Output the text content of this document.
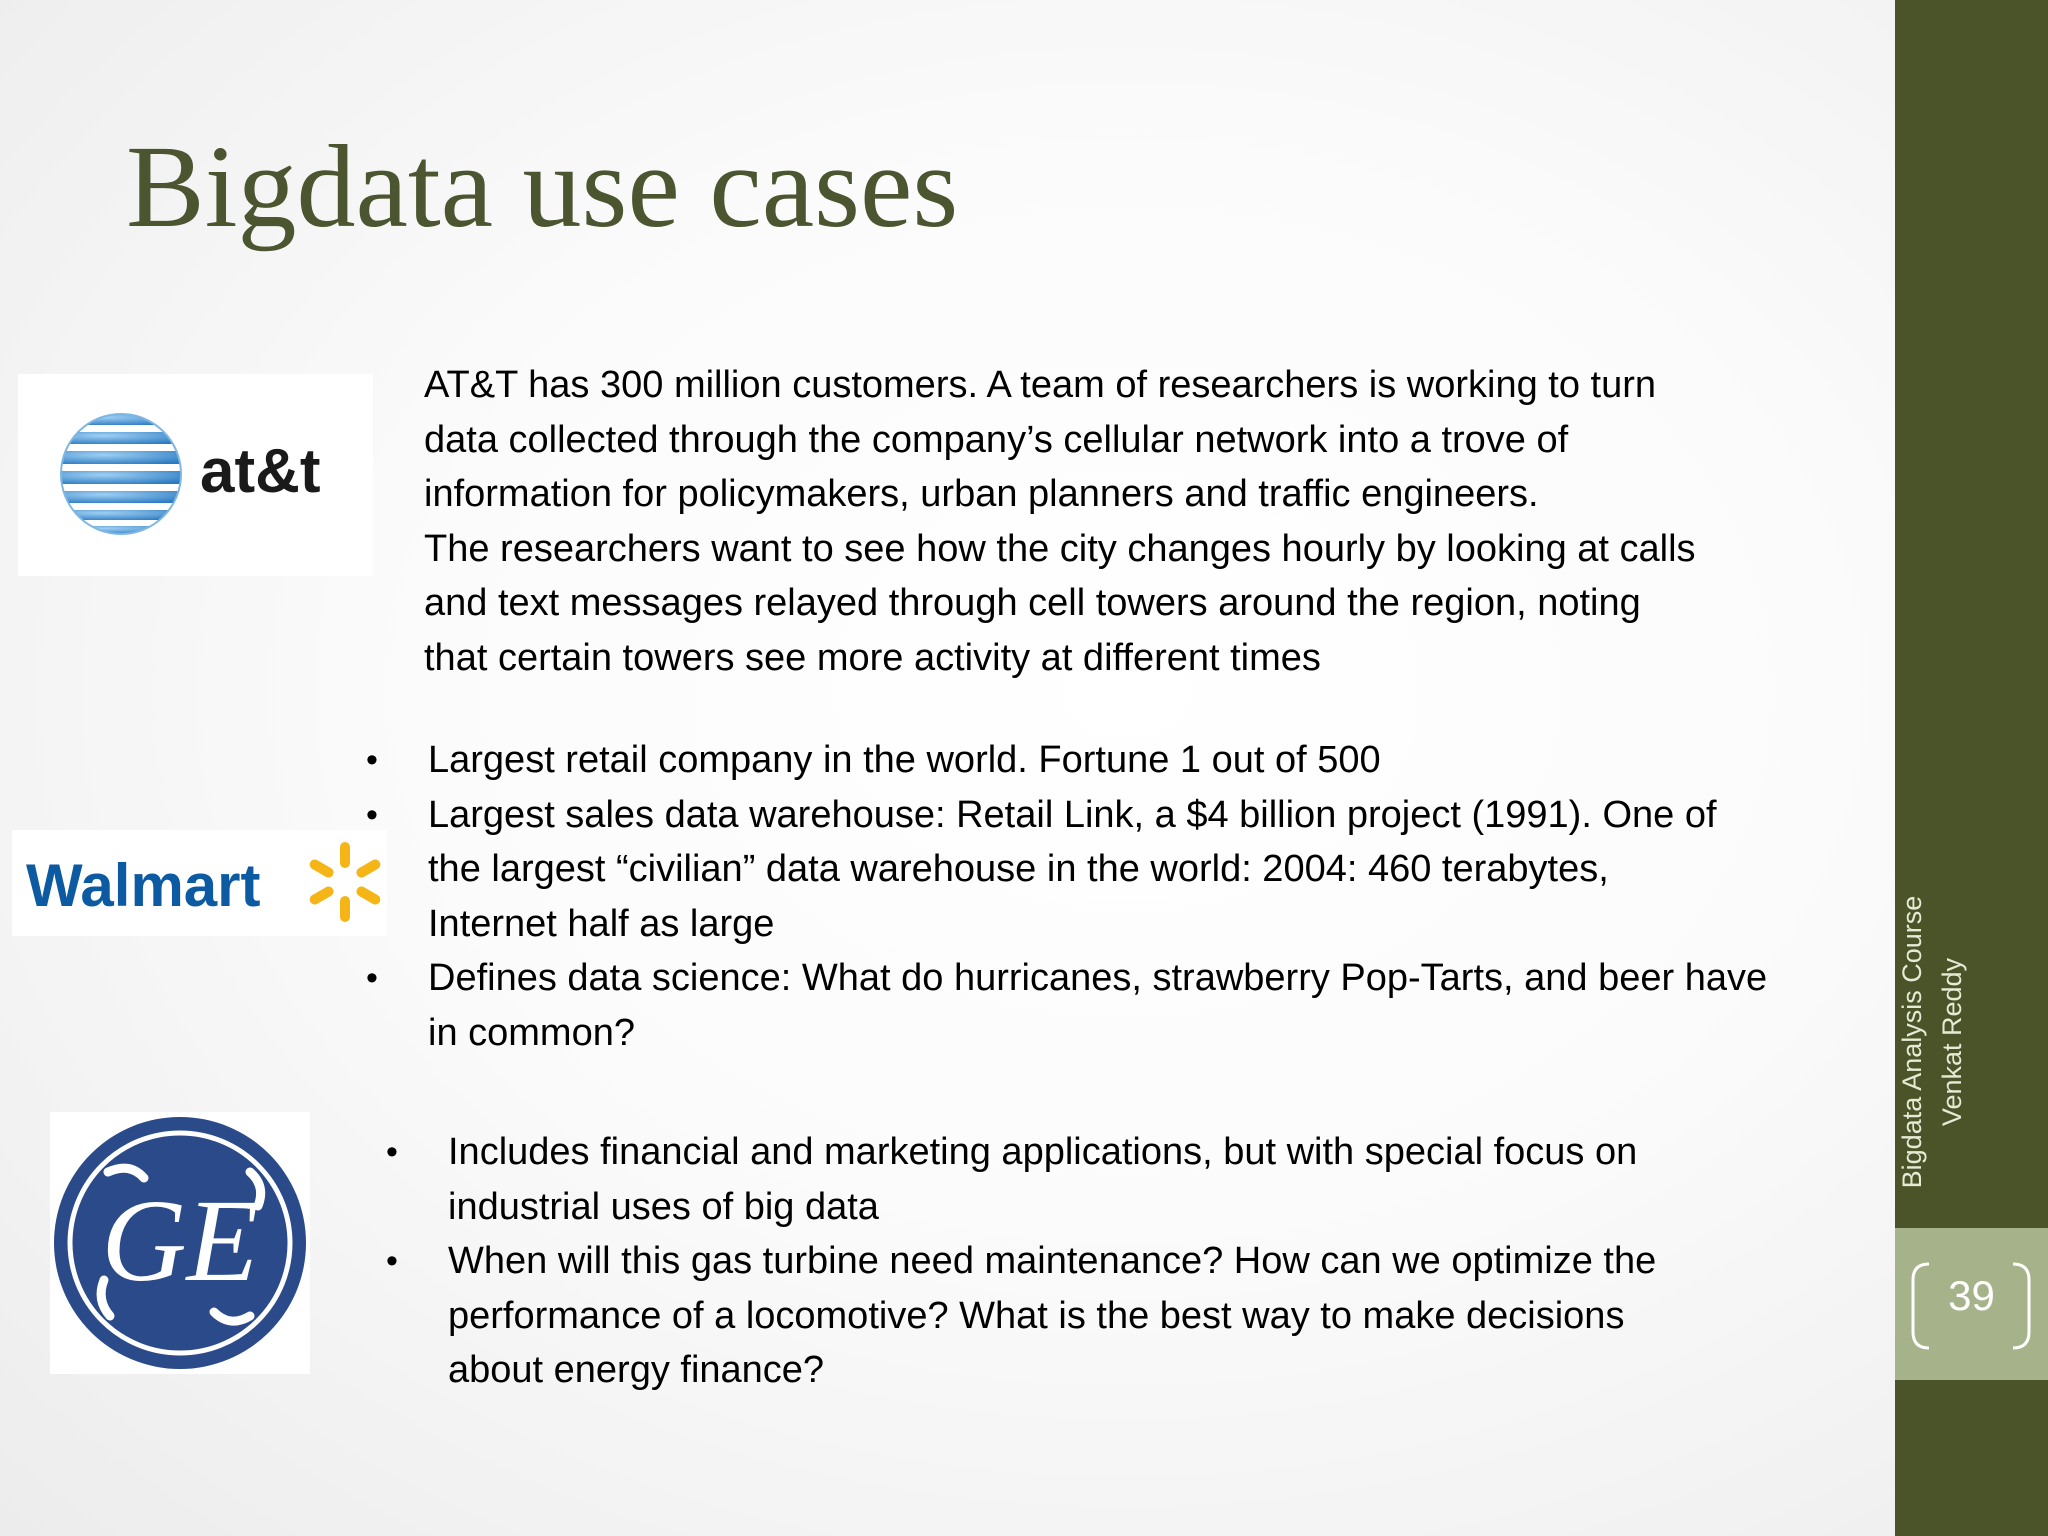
Bigdata use cases
at&t
Walmart
GE

AT&T has 300 million customers. A team of researchers is working to turn

data collected through the company’s cellular network into a trove of

information for policymakers, urban planners and traffic engineers.

The researchers want to see how the city changes hourly by looking at calls

and text messages relayed through cell towers around the region, noting

that certain towers see more activity at different times

• Largest retail company in the world. Fortune 1 out of 500
• Largest sales data warehouse: Retail Link, a $4 billion project (1991). One of
the largest “civilian” data warehouse in the world: 2004: 460 terabytes,
Internet half as large
• Defines data science: What do hurricanes, strawberry Pop-Tarts, and beer have
in common?
• Includes financial and marketing applications, but with special focus on
industrial uses of big data
• When will this gas turbine need maintenance? How can we optimize the
performance of a locomotive? What is the best way to make decisions
about energy finance?
Bigdata Analysis Course Venkat Reddy
39
